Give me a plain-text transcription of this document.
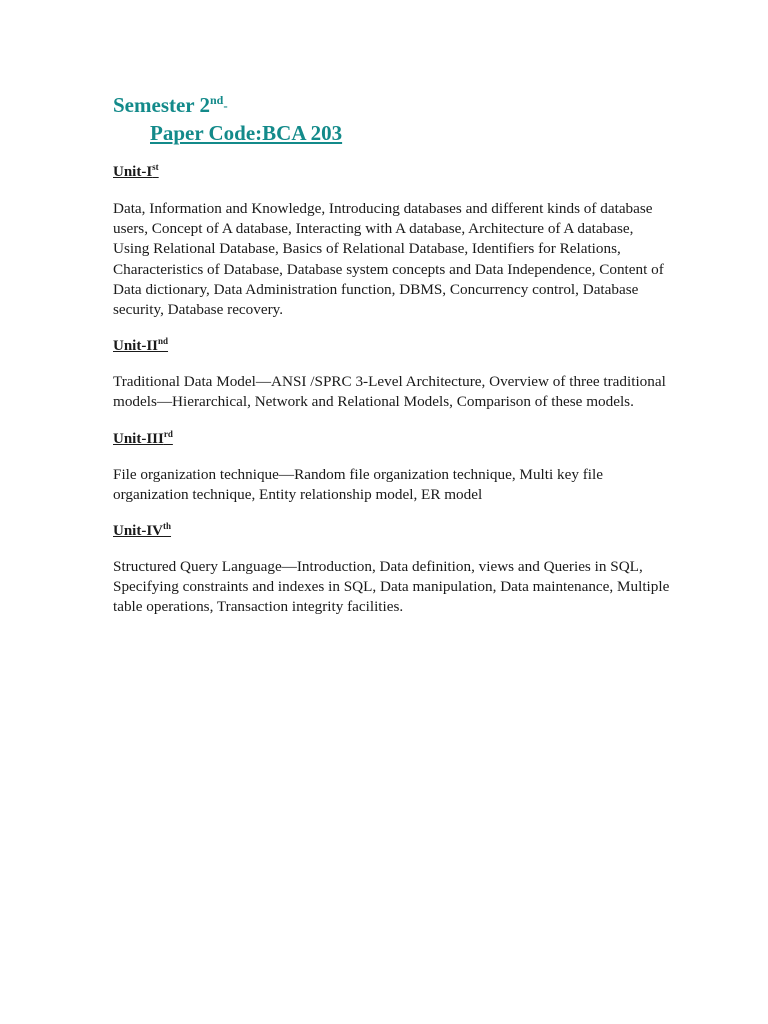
Semester 2nd-

Paper Code:BCA 203

Unit-Ist

Data, Information and Knowledge, Introducing databases and different kinds of database users, Concept of A database, Interacting with A database, Architecture of A database, Using Relational Database, Basics of Relational Database, Identifiers for Relations, Characteristics of Database, Database system concepts and Data Independence, Content of Data dictionary, Data Administration function, DBMS, Concurrency control, Database security, Database recovery.

Unit-IInd

Traditional Data Model—ANSI /SPRC 3-Level Architecture, Overview of three traditional models—Hierarchical, Network and Relational Models, Comparison of these models.

Unit-IIIrd

File organization technique—Random file organization technique, Multi key file organization technique, Entity relationship model, ER model

Unit-IVth

Structured Query Language—Introduction, Data definition, views and Queries in SQL, Specifying constraints and indexes in SQL, Data manipulation, Data maintenance, Multiple table operations, Transaction integrity facilities.
